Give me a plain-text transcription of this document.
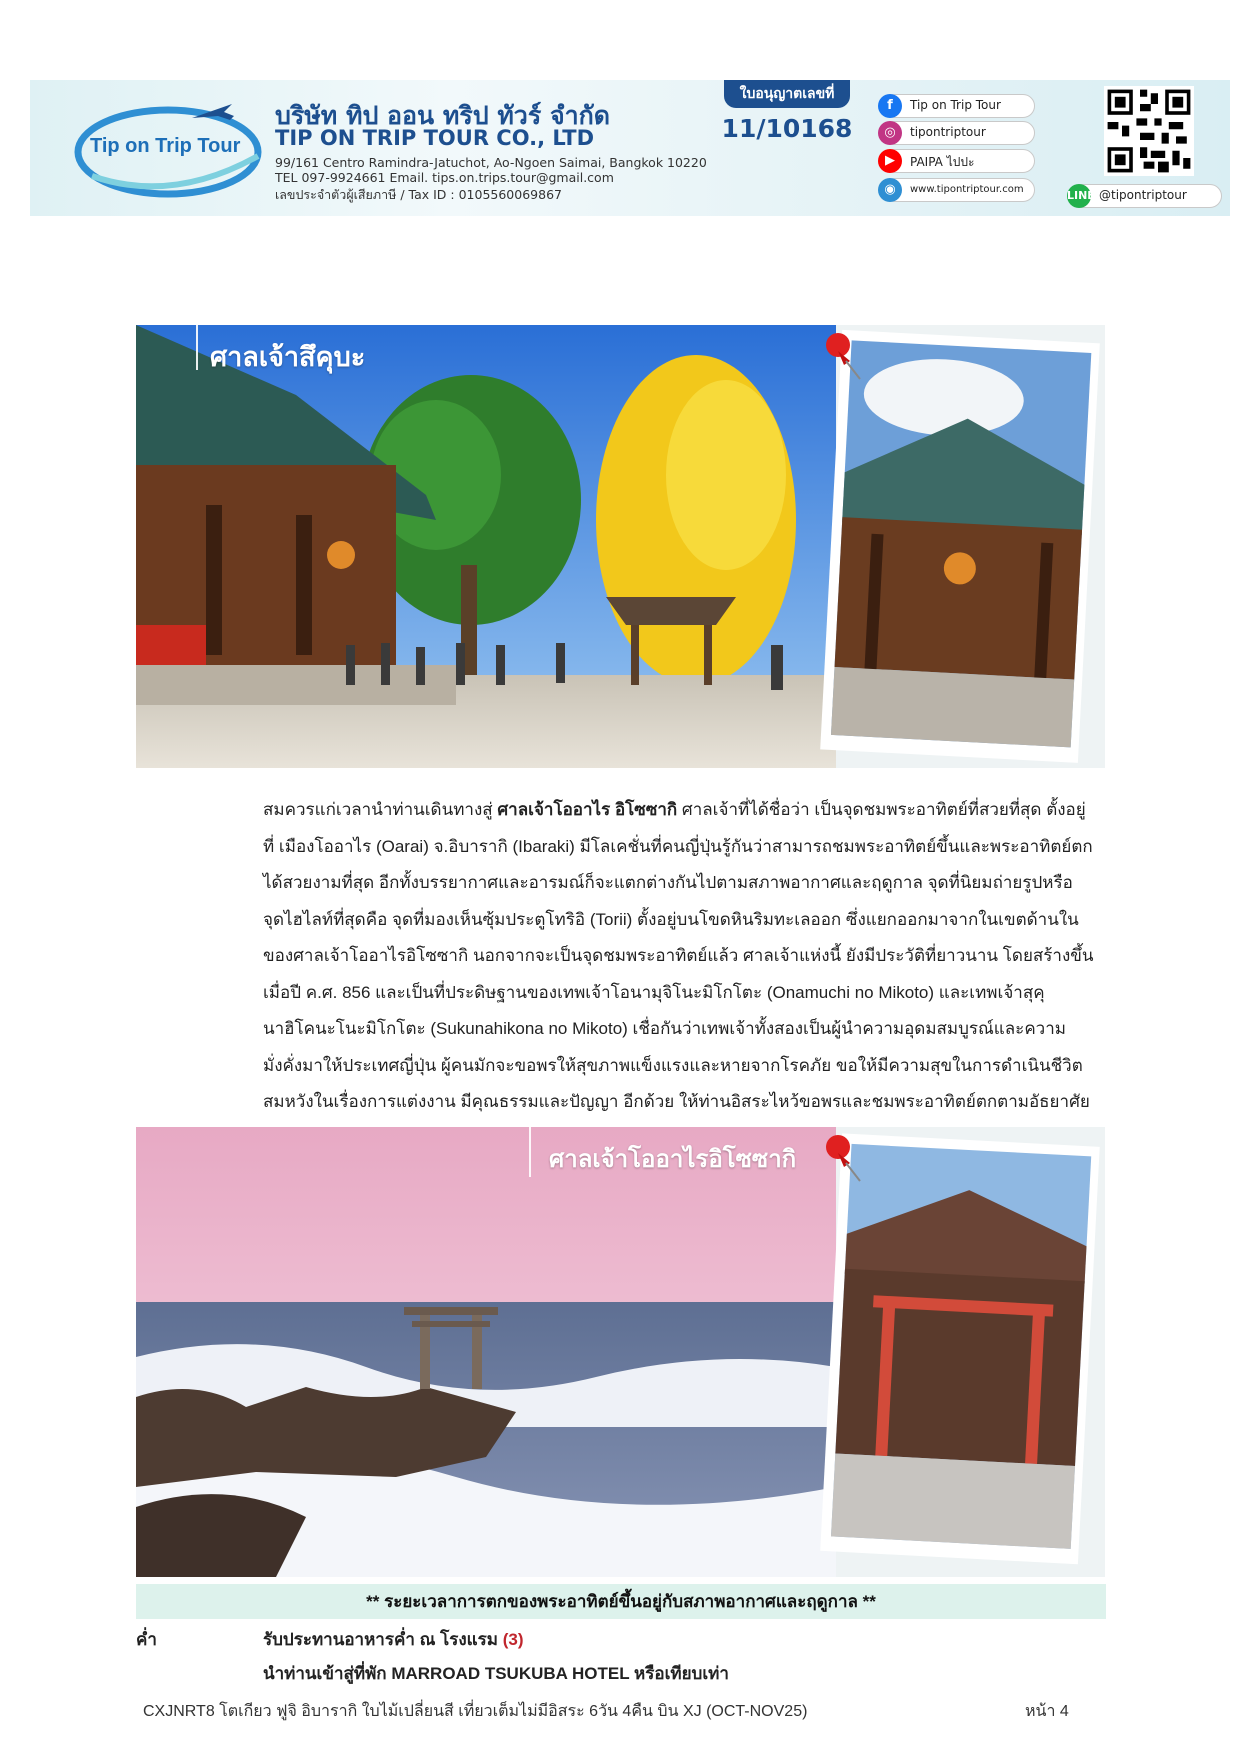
Tip on Trip Tour
บริษัท ทิป ออน ทริป ทัวร์ จำกัด
TIP ON TRIP TOUR CO., LTD
99/161 Centro Ramindra-Jatuchot, Ao-Ngoen Saimai, Bangkok 10220
TEL 097-9924661 Email. tips.on.trips.tour@gmail.com
เลขประจำตัวผู้เสียภาษี / Tax ID : 0105560069867
ใบอนุญาตเลขที่
11/10168
f	Tip on Trip Tour
◎	tipontriptour
▶	PAIPA ไปปะ
◉	www.tipontriptour.com	LINE @tipontriptour
ศาลเจ้าสึคุบะ
สมควรแก่เวลานำท่านเดินทางสู่ ศาลเจ้าโออาไร อิโซซากิ ศาลเจ้าที่ได้ชื่อว่า เป็นจุดชมพระอาทิตย์ที่สวยที่สุด ตั้งอยู่
ที่ เมืองโออาไร (Oarai) จ.อิบารากิ (Ibaraki) มีโลเคชั่นที่คนญี่ปุ่นรู้กันว่าสามารถชมพระอาทิตย์ขึ้นและพระอาทิตย์ตก
ได้สวยงามที่สุด อีกทั้งบรรยากาศและอารมณ์ก็จะแตกต่างกันไปตามสภาพอากาศและฤดูกาล จุดที่นิยมถ่ายรูปหรือ
จุดไฮไลท์ที่สุดคือ จุดที่มองเห็นซุ้มประตูโทริอิ (Torii) ตั้งอยู่บนโขดหินริมทะเลออก ซึ่งแยกออกมาจากในเขตด้านใน
ของศาลเจ้าโออาไรอิโซซากิ นอกจากจะเป็นจุดชมพระอาทิตย์แล้ว ศาลเจ้าแห่งนี้ ยังมีประวัติที่ยาวนาน โดยสร้างขึ้น
เมื่อปี ค.ศ. 856 และเป็นที่ประดิษฐานของเทพเจ้าโอนามุจิโนะมิโกโตะ (Onamuchi no Mikoto) และเทพเจ้าสุคุ
นาฮิโคนะโนะมิโกโตะ (Sukunahikona no Mikoto) เชื่อกันว่าเทพเจ้าทั้งสองเป็นผู้นำความอุดมสมบูรณ์และความ
มั่งคั่งมาให้ประเทศญี่ปุ่น ผู้คนมักจะขอพรให้สุขภาพแข็งแรงและหายจากโรคภัย ขอให้มีความสุขในการดำเนินชีวิต
สมหวังในเรื่องการแต่งงาน มีคุณธรรมและปัญญา อีกด้วย ให้ท่านอิสระไหว้ขอพรและชมพระอาทิตย์ตกตามอัธยาศัย
ศาลเจ้าโออาไรอิโซซากิ
** ระยะเวลาการตกของพระอาทิตย์ขึ้นอยู่กับสภาพอากาศและฤดูกาล **
ค่ำ	รับประทานอาหารค่ำ ณ โรงแรม (3)
นำท่านเข้าสู่ที่พัก MARROAD TSUKUBA HOTEL หรือเทียบเท่า
CXJNRT8 โตเกียว ฟูจิ อิบารากิ ใบไม้เปลี่ยนสี เที่ยวเต็มไม่มีอิสระ 6วัน 4คืน บิน XJ (OCT-NOV25)	หน้า 4
